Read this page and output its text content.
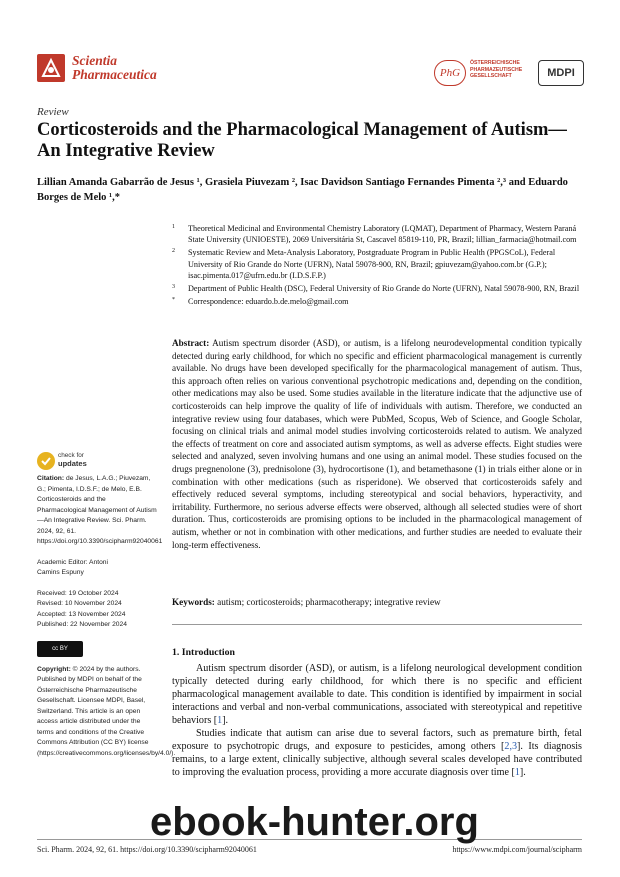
Scientia
Pharmaceutica	PhG
ÖSTERREICHISCHE
PHARMAZEUTISCHE
GESELLSCHAFT	MDPI
Review
Corticosteroids and the Pharmacological Management of Autism—An Integrative Review
Lillian Amanda Gabarrão de Jesus ¹, Grasiela Piuvezam ², Isac Davidson Santiago Fernandes Pimenta ²,³ and Eduardo Borges de Melo ¹,*
1 Theoretical Medicinal and Environmental Chemistry Laboratory (LQMAT), Department of Pharmacy, Western Paraná State University (UNIOESTE), 2069 Universitária St, Cascavel 85819-110, PR, Brazil; lillian_farmacia@hotmail.com
2 Systematic Review and Meta-Analysis Laboratory, Postgraduate Program in Public Health (PPGSCoL), Federal University of Rio Grande do Norte (UFRN), Natal 59078-900, RN, Brazil; gpiuvezam@yahoo.com.br (G.P.); isac.pimenta.017@ufrn.edu.br (I.D.S.F.P.)
3 Department of Public Health (DSC), Federal University of Rio Grande do Norte (UFRN), Natal 59078-900, RN, Brazil
* Correspondence: eduardo.b.de.melo@gmail.com
Abstract: Autism spectrum disorder (ASD), or autism, is a lifelong neurodevelopmental condition typically detected during early childhood, for which no specific and efficient pharmacological management is currently available. No drugs have been developed specifically for the pharmacological management of autism. Thus, this approach often relies on various conventional psychotropic medications and, depending on the condition, other medications may also be used. Some studies available in the literature indicate that the adjunctive use of corticosteroids can help improve the quality of life of individuals with autism. Therefore, we conducted an integrative review using four databases, which were PubMed, Scopus, Web of Science, and Google Scholar, focusing on clinical trials and animal model studies involving corticosteroids related to autism. We analyzed the effects of treatment on core and associated autism symptoms, as well as adverse effects. Eight studies were selected and analyzed, seven involving humans and one using an animal model. These studies focused on the drugs pregnenolone (3), prednisolone (3), hydrocortisone (1), and betamethasone (1) in trials either alone or in combination with other medications (such as risperidone). We observed that corticosteroids safely and effectively reduced several symptoms, including stereotypical and social behaviors, hyperactivity, and irritability. Furthermore, no serious adverse effects were observed, although all selected studies were of short duration. Thus, corticosteroids are promising options to be included in the pharmacological management of autism, whether or not in combination with other medications, and further studies are needed to evaluate their long-term effectiveness.
Keywords: autism; corticosteroids; pharmacotherapy; integrative review
1. Introduction

Autism spectrum disorder (ASD), or autism, is a lifelong neurological development condition typically detected during early childhood, for which there is no specific and efficient pharmacological management available to date. This condition is identified by impairment in social interactions and verbal and non-verbal communications, associated with stereotypical and repetitive behaviors [1].

Studies indicate that autism can arise due to several factors, such as premature birth, fetal exposure to psychotropic drugs, and exposure to pesticides, among others [2,3]. Its diagnosis remains, to a large extent, clinically subjective, although several scales developed have contributed to improving the evaluation process, providing a more accurate diagnosis over time [1].

check for
updates
Citation: de Jesus, L.A.G.; Piuvezam, G.; Pimenta, I.D.S.F.; de Melo, E.B. Corticosteroids and the Pharmacological Management of Autism—An Integrative Review. Sci. Pharm. 2024, 92, 61. https://doi.org/10.3390/scipharm92040061
Academic Editor: Antoni
Camins Espuny
Received: 19 October 2024
Revised: 10 November 2024
Accepted: 13 November 2024
Published: 22 November 2024
cc BY
Copyright: © 2024 by the authors. Published by MDPI on behalf of the Österreichische Pharmazeutische Gesellschaft. Licensee MDPI, Basel, Switzerland. This article is an open access article distributed under the terms and conditions of the Creative Commons Attribution (CC BY) license (https://creativecommons.org/licenses/by/4.0/).
Sci. Pharm. 2024, 92, 61. https://doi.org/10.3390/scipharm92040061	https://www.mdpi.com/journal/scipharm
ebook-hunter.org
